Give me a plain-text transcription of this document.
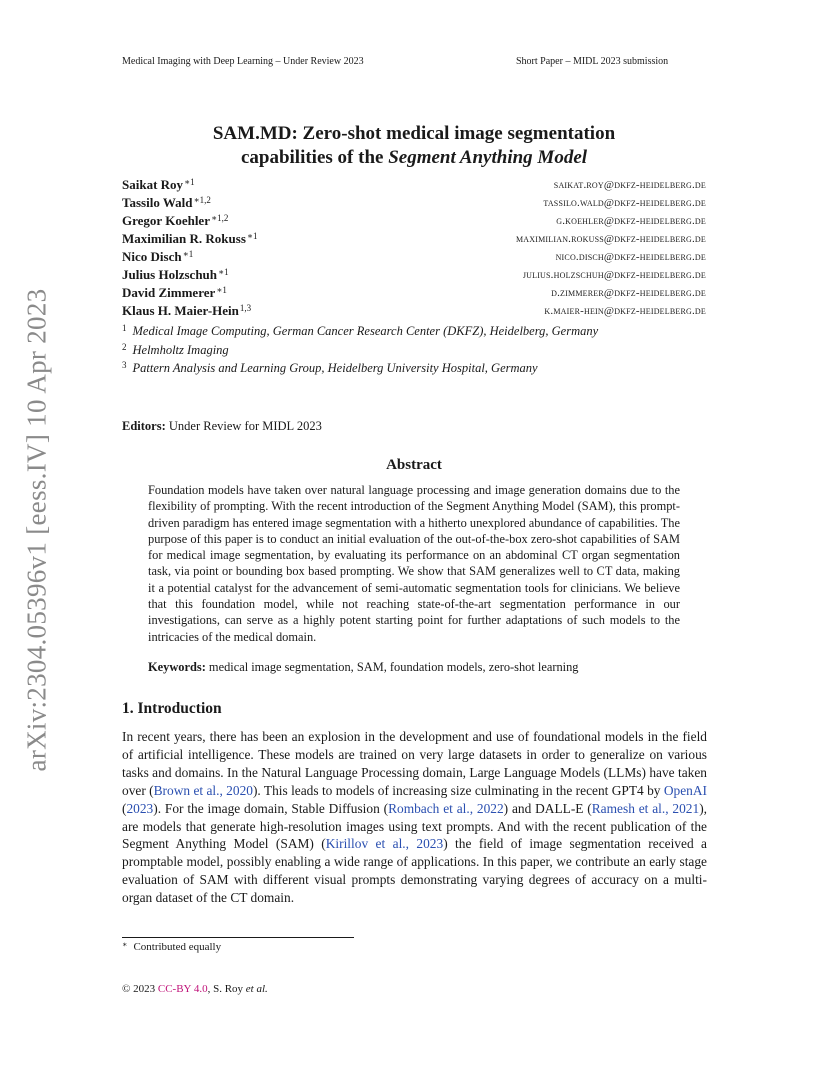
Medical Imaging with Deep Learning – Under Review 2023	Short Paper – MIDL 2023 submission
SAM.MD: Zero-shot medical image segmentation
capabilities of the Segment Anything Model
Saikat Roy$^{∗1}$	saikat.roy@dkfz-heidelberg.de
Tassilo Wald$^{∗1,2}$	tassilo.wald@dkfz-heidelberg.de
Gregor Koehler$^{∗1,2}$	g.koehler@dkfz-heidelberg.de
Maximilian R. Rokuss$^{∗1}$	maximilian.rokuss@dkfz-heidelberg.de
Nico Disch$^{∗1}$	nico.disch@dkfz-heidelberg.de
Julius Holzschuh$^{∗1}$	julius.holzschuh@dkfz-heidelberg.de
David Zimmerer$^{∗1}$	d.zimmerer@dkfz-heidelberg.de
Klaus H. Maier-Hein$^{1,3}$	k.maier-hein@dkfz-heidelberg.de
$^1$ Medical Image Computing, German Cancer Research Center (DKFZ), Heidelberg, Germany
$^2$ Helmholtz Imaging
$^3$ Pattern Analysis and Learning Group, Heidelberg University Hospital, Germany
Editors: Under Review for MIDL 2023
Abstract
Foundation models have taken over natural language processing and image generation domains due to the flexibility of prompting. With the recent introduction of the Segment Anything Model (SAM), this prompt-driven paradigm has entered image segmentation with a hitherto unexplored abundance of capabilities. The purpose of this paper is to conduct an initial evaluation of the out-of-the-box zero-shot capabilities of SAM for medical image segmentation, by evaluating its performance on an abdominal CT organ segmentation task, via point or bounding box based prompting. We show that SAM generalizes well to CT data, making it a potential catalyst for the advancement of semi-automatic segmentation tools for clinicians. We believe that this foundation model, while not reaching state-of-the-art segmentation performance in our investigations, can serve as a highly potent starting point for further adaptations of such models to the intricacies of the medical domain.
Keywords: medical image segmentation, SAM, foundation models, zero-shot learning
1. Introduction
In recent years, there has been an explosion in the development and use of foundational models in the field of artificial intelligence. These models are trained on very large datasets in order to generalize on various tasks and domains. In the Natural Language Processing domain, Large Language Models (LLMs) have taken over (Brown et al., 2020). This leads to models of increasing size culminating in the recent GPT4 by OpenAI (2023). For the image domain, Stable Diffusion (Rombach et al., 2022) and DALL-E (Ramesh et al., 2021), are models that generate high-resolution images using text prompts. And with the recent publication of the Segment Anything Model (SAM) (Kirillov et al., 2023) the field of image segmentation received a promptable model, possibly enabling a wide range of applications. In this paper, we contribute an early stage evaluation of SAM with different visual prompts demonstrating varying degrees of accuracy on a multi-organ dataset of the CT domain.
∗ Contributed equally
© 2023 CC-BY 4.0, S. Roy et al.
arXiv:2304.05396v1 [eess.IV] 10 Apr 2023
